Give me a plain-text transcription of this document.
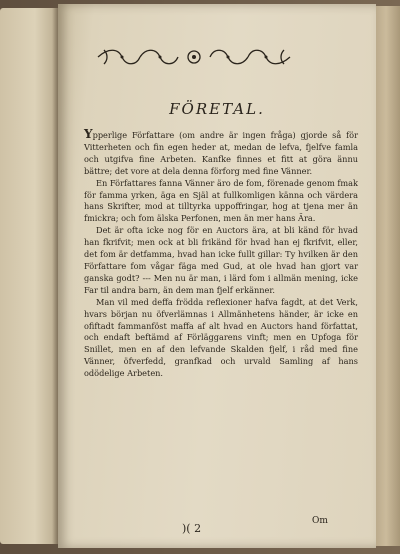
FÖRETAL.

Ypperlige Författare (om andre är ingen fråga) gjorde så för Vitterheten och fin egen heder at, medan de lefva, fjelfve famla och utgifva fine Arbeten. Kanfke finnes et fitt at göra ännu bättre; det vore at dela denna förforg med fine Vänner.

En Författares fanna Vänner äro de fom, förenade genom fmak för famma yrken, äga en Själ at fullkomligen känna och värdera hans Skrifter, mod at tilltyrka uppoffringar, hog at tjena mer än fmickra; och fom älska Perfonen, men än mer hans Ära.

Det är ofta icke nog för en Auctors ära, at bli känd för hvad han fkrifvit; men ock at bli frikänd för hvad han ej fkrifvit, eller, det fom är detfamma, hvad han icke fullt gillar: Ty hvilken är den Författare fom vågar fäga med Gud, at ole hvad han gjort var ganska godt? --- Men nu är man, i lärd fom i allmän mening, icke Far til andra barn, än dem man fjelf erkänner.

Man vil med deffa frödda reflexioner hafva fagdt, at det Verk, hvars början nu öfverlämnas i Allmänhetens händer, är icke en ofiftadt fammanföst maffa af alt hvad en Auctors hand författat, och endaft beftämd af Förläggarens vinft; men en Upfoga för Snillet, men en af den lefvande Skalden fjelf, i råd med fine Vänner, öfverfedd, granfkad och urvald Samling af hans odödelige Arbeten.

)( 2
Om
